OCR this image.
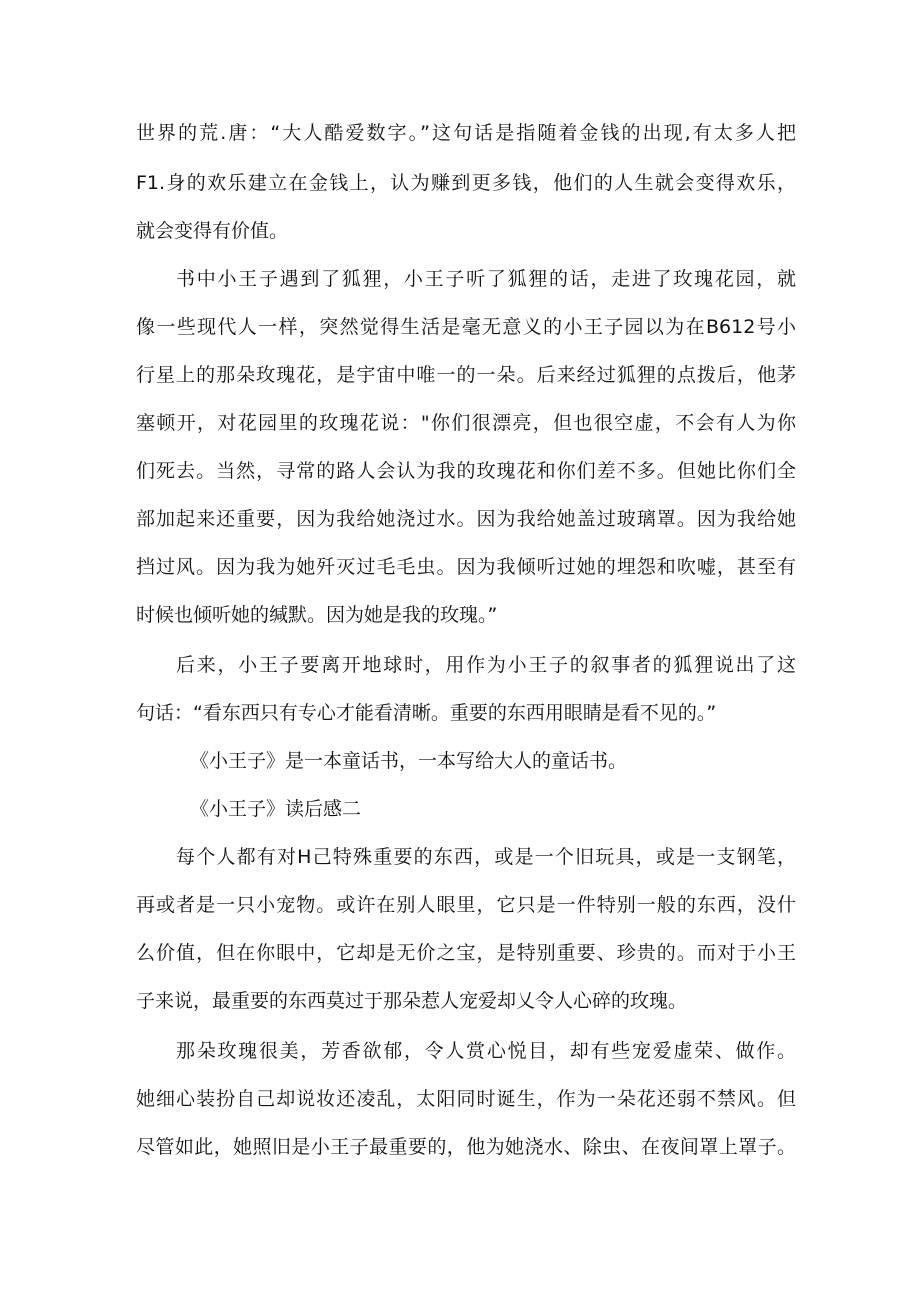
世界的荒.唐：“大人酷爱数字。”这句话是指随着金钱的出现,有太多人把
F1.身的欢乐建立在金钱上，认为赚到更多钱，他们的人生就会变得欢乐，
就会变得有价值。
书中小王子遇到了狐狸，小王子听了狐狸的话，走进了玫瑰花园，就
像一些现代人一样，突然觉得生活是毫无意义的小王子园以为在B612号小
行星上的那朵玫瑰花，是宇宙中唯一的一朵。后来经过狐狸的点拨后，他茅
塞顿开，对花园里的玫瑰花说："你们很漂亮，但也很空虚，不会有人为你
们死去。当然，寻常的路人会认为我的玫瑰花和你们差不多。但她比你们全
部加起来还重要，因为我给她浇过水。因为我给她盖过玻璃罩。因为我给她
挡过风。因为我为她歼灭过毛毛虫。因为我倾听过她的埋怨和吹嘘，甚至有
时候也倾听她的缄默。因为她是我的玫瑰。”
后来，小王子要离开地球时，用作为小王子的叙事者的狐狸说出了这
句话：“看东西只有专心才能看清晰。重要的东西用眼睛是看不见的。”
《小王子》是一本童话书，一本写给大人的童话书。
《小王子》读后感二
每个人都有对H己特殊重要的东西，或是一个旧玩具，或是一支钢笔，
再或者是一只小宠物。或许在别人眼里，它只是一件特别一般的东西，没什
么价值，但在你眼中，它却是无价之宝，是特别重要、珍贵的。而对于小王
子来说，最重要的东西莫过于那朵惹人宠爱却乂令人心碎的玫瑰。
那朵玫瑰很美，芳香欲郁，令人赏心悦目，却有些宠爱虚荣、做作。
她细心装扮自己却说妆还凌乱，太阳同时诞生，作为一朵花还弱不禁风。但
尽管如此，她照旧是小王子最重要的，他为她浇水、除虫、在夜间罩上罩子。
